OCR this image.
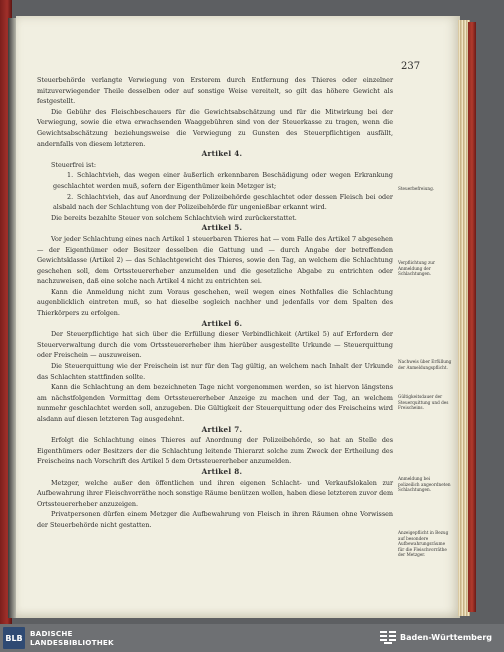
237

Steuerbehörde verlangte Verwiegung von Ersterem durch Entfernung des Thieres oder einzelner mitzuverwiegender Theile desselben oder auf sonstige Weise vereitelt, so gilt das höhere Gewicht als festgestellt.

Die Gebühr des Fleischbeschauers für die Gewichtsabschätzung und für die Mitwirkung bei der Verwiegung, sowie die etwa erwachsenden Waaggebühren sind von der Steuerkasse zu tragen, wenn die Gewichtsabschätzung beziehungsweise die Verwiegung zu Gunsten des Steuerpflichtigen ausfällt, andernfalls von diesem letzteren.

Artikel 4.

Steuerfrei ist:

1. Schlachtvieh, das wegen einer äußerlich erkennbaren Beschädigung oder wegen Erkrankung geschlachtet werden muß, sofern der Eigenthümer kein Metzger ist;

2. Schlachtvieh, das auf Anordnung der Polizeibehörde geschlachtet oder dessen Fleisch bei oder alsbald nach der Schlachtung von der Polizeibehörde für ungenießbar erkannt wird.

Die bereits bezahlte Steuer von solchem Schlachtvieh wird zurückerstattet.

Artikel 5.

Vor jeder Schlachtung eines nach Artikel 1 steuerbaren Thieres hat — vom Falle des Artikel 7 abgesehen — der Eigenthümer oder Besitzer desselben die Gattung und — durch Angabe der betreffenden Gewichtsklasse (Artikel 2) — das Schlachtgewicht des Thieres, sowie den Tag, an welchem die Schlachtung geschehen soll, dem Ortssteuererheber anzumelden und die gesetzliche Abgabe zu entrichten oder nachzuweisen, daß eine solche nach Artikel 4 nicht zu entrichten sei.

Kann die Anmeldung nicht zum Voraus geschehen, weil wegen eines Nothfalles die Schlachtung augenblicklich eintreten muß, so hat dieselbe sogleich nachher und jedenfalls vor dem Spalten des Thierkörpers zu erfolgen.

Artikel 6.

Der Steuerpflichtige hat sich über die Erfüllung dieser Verbindlichkeit (Artikel 5) auf Erfordern der Steuerverwaltung durch die vom Ortssteuererheber ihm hierüber ausgestellte Urkunde — Steuerquittung oder Freischein — auszuweisen.

Die Steuerquittung wie der Freischein ist nur für den Tag gültig, an welchem nach Inhalt der Urkunde das Schlachten stattfinden sollte.

Kann die Schlachtung an dem bezeichneten Tage nicht vorgenommen werden, so ist hiervon längstens am nächstfolgenden Vormittag dem Ortssteuererheber Anzeige zu machen und der Tag, an welchem nunmehr geschlachtet werden soll, anzugeben. Die Gültigkeit der Steuerquittung oder des Freischeins wird alsdann auf diesen letzteren Tag ausgedehnt.

Artikel 7.

Erfolgt die Schlachtung eines Thieres auf Anordnung der Polizeibehörde, so hat an Stelle des Eigenthümers oder Besitzers der die Schlachtung leitende Thierarzt solche zum Zweck der Ertheilung des Freischeins nach Vorschrift des Artikel 5 dem Ortssteuererheber anzumelden.

Artikel 8.

Metzger, welche außer den öffentlichen und ihren eigenen Schlacht- und Verkaufslokalen zur Aufbewahrung ihrer Fleischvorräthe noch sonstige Räume benützen wollen, haben diese letzteren zuvor dem Ortssteuererheber anzuzeigen.

Privatpersonen dürfen einem Metzger die Aufbewahrung von Fleisch in ihren Räumen ohne Vorwissen der Steuerbehörde nicht gestatten.

Steuerbefreiung.
Verpflichtung zur Anmeldung der Schlachtungen.
Nachweis über Erfüllung der Anmeldungspflicht.
Gültigkeitsdauer der Steuerquittung und des Freischeins.
Anmeldung bei polizeilich angeordneten Schlachtungen.
Anzeigepflicht in Bezug auf besondere Aufbewahrungsräume für die Fleischvorräthe der Metzger.
BLB	BADISCHE
LANDESBIBLIOTHEK
Baden-Württemberg
